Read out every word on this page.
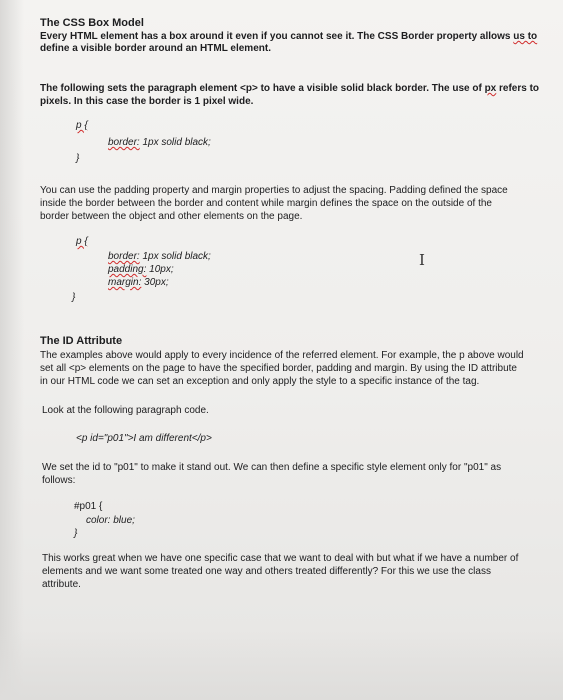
The CSS Box Model
Every HTML element has a box around it even if you cannot see it. The CSS Border property allows us to
define a visible border around an HTML element.
The following sets the paragraph element <p> to have a visible solid black border. The use of px refers to
pixels. In this case the border is 1 pixel wide.
p {
border: 1px solid black;
}
You can use the padding property and margin properties to adjust the spacing. Padding defined the space
inside the border between the border and content while margin defines the space on the outside of the
border between the object and other elements on the page.
p {
border: 1px solid black;
padding: 10px;
margin: 30px;
}
I
The ID Attribute
The examples above would apply to every incidence of the referred element. For example, the p above would
set all <p> elements on the page to have the specified border, padding and margin. By using the ID attribute
in our HTML code we can set an exception and only apply the style to a specific instance of the tag.
Look at the following paragraph code.
<p id="p01">I am different</p>
We set the id to "p01" to make it stand out. We can then define a specific style element only for "p01" as
follows:
#p01 {
color: blue;
}
This works great when we have one specific case that we want to deal with but what if we have a number of
elements and we want some treated one way and others treated differently? For this we use the class
attribute.
